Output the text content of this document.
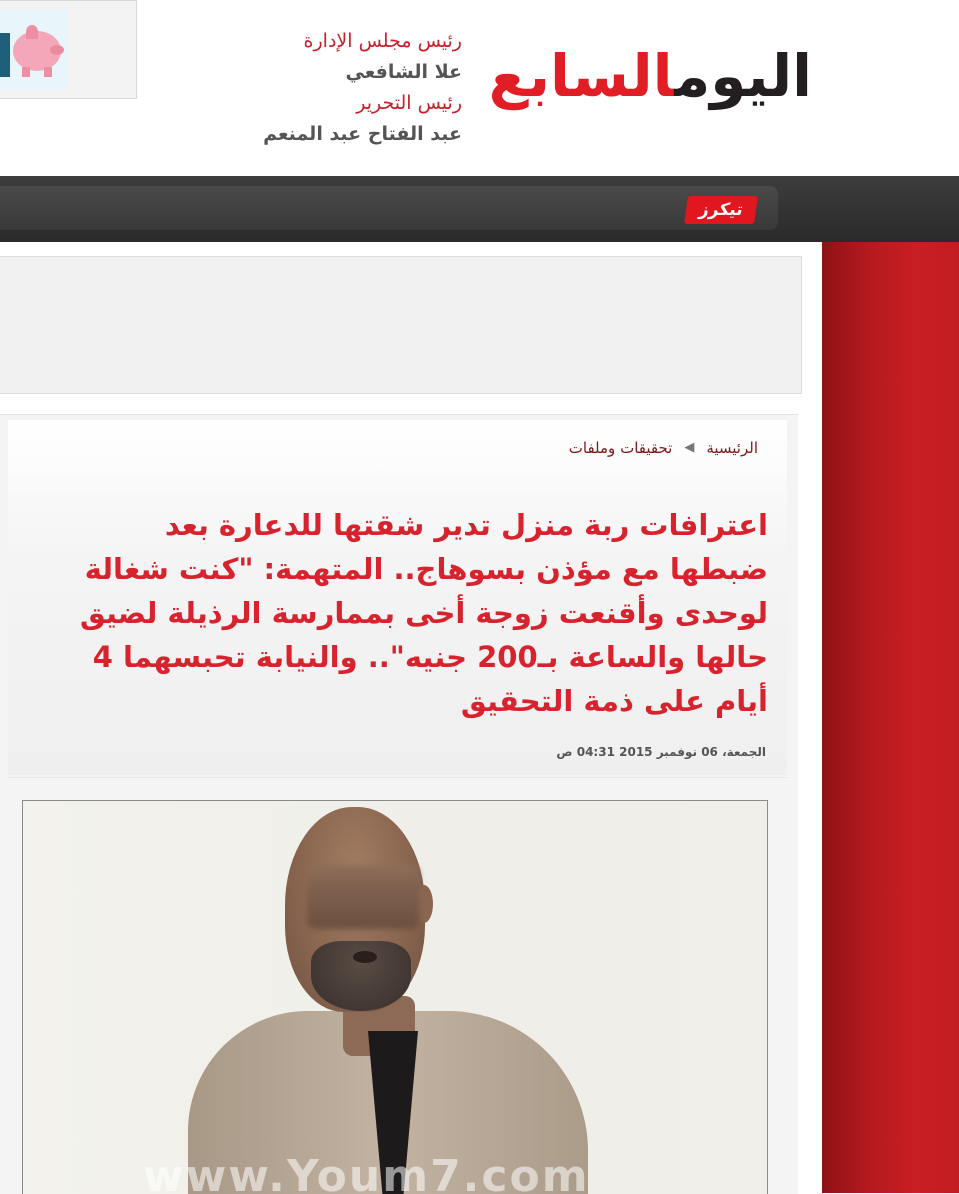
رئيس مجلس الإدارة
علا الشافعي
رئيس التحرير
عبد الفتاح عبد المنعم
اليومالسابع
تيكرز
الرئيسية◀تحقيقات وملفات
اعترافات ربة منزل تدير شقتها للدعارة بعد ضبطها مع مؤذن بسوهاج.. المتهمة: "كنت شغالة لوحدى وأقنعت زوجة أخى بممارسة الرذيلة لضيق حالها والساعة بـ200 جنيه".. والنيابة تحبسهما 4 أيام على ذمة التحقيق
الجمعة، 06 نوفمبر 2015 04:31 ص
www.Youm7.com
